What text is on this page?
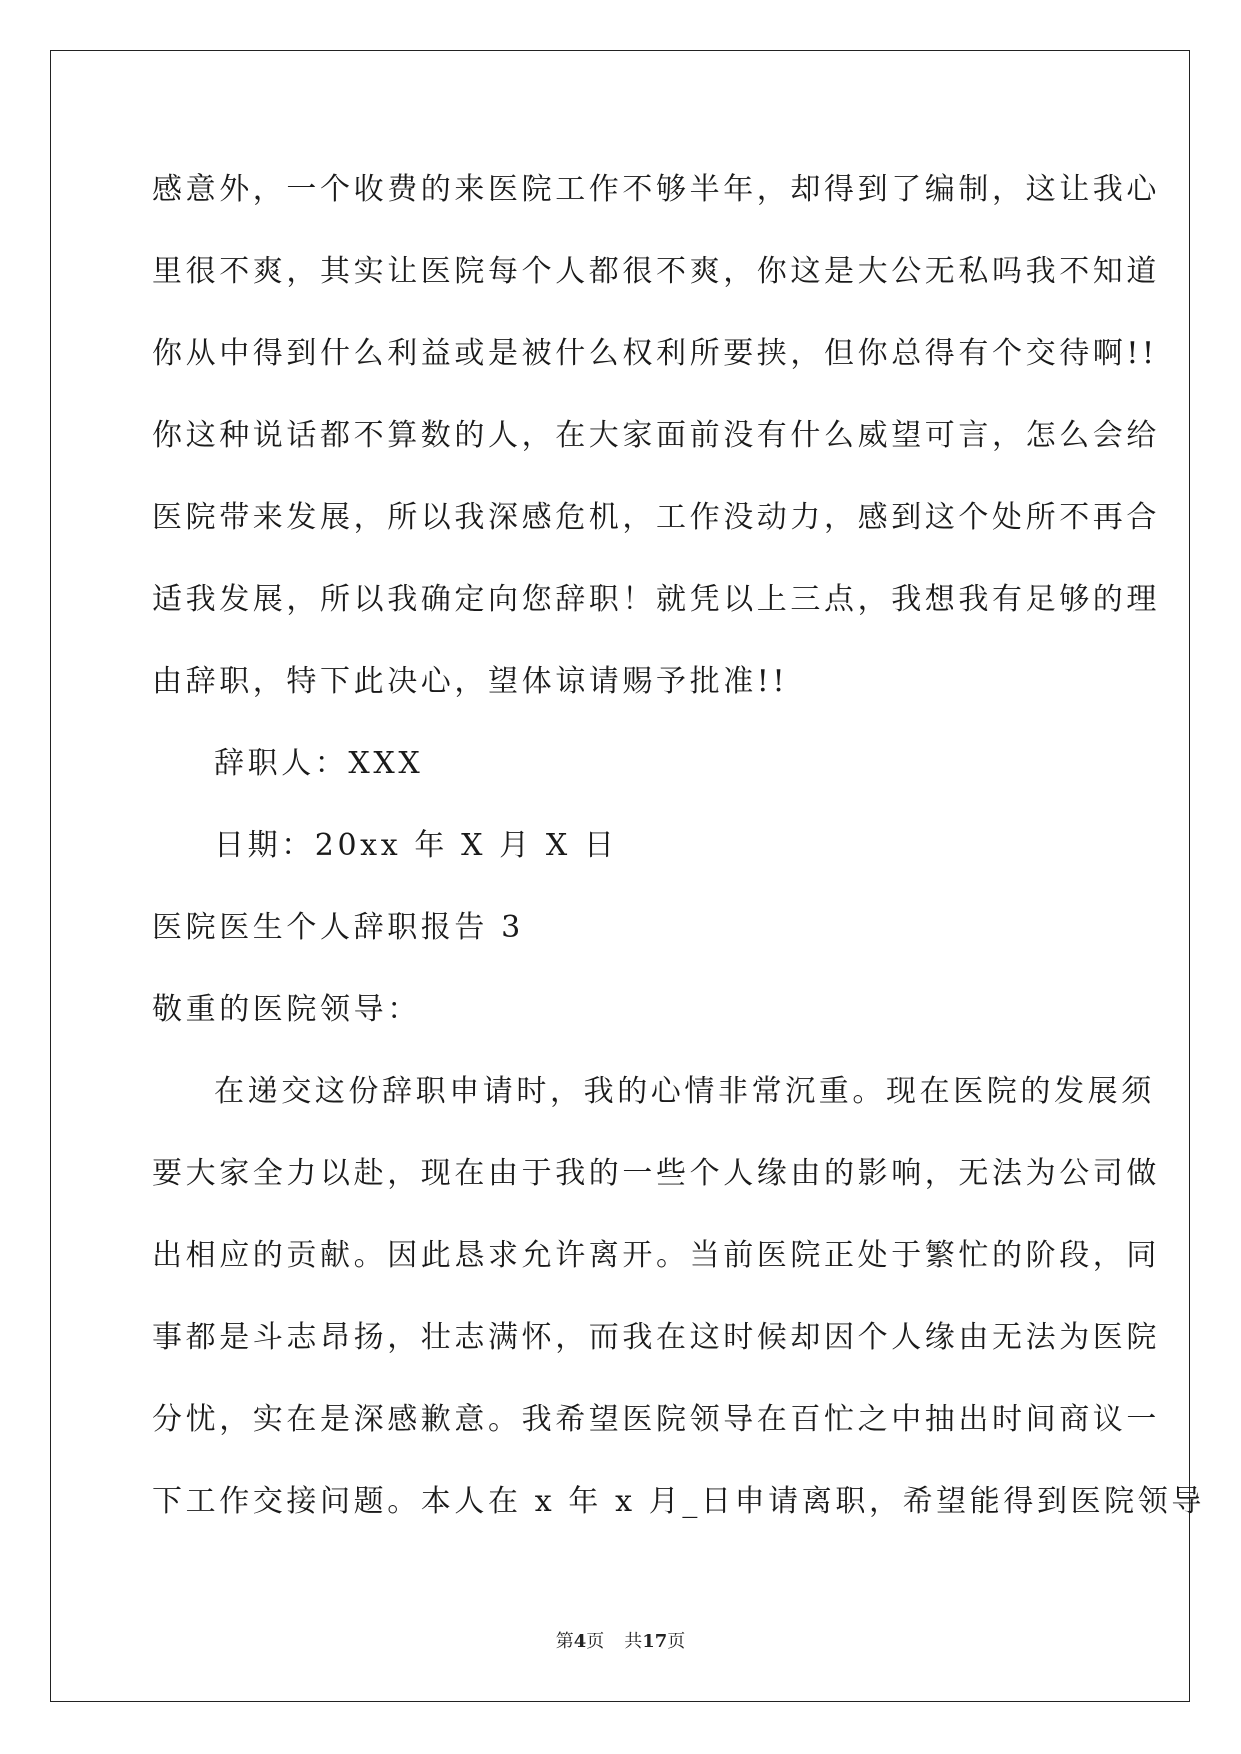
感意外，一个收费的来医院工作不够半年，却得到了编制，这让我心
里很不爽，其实让医院每个人都很不爽，你这是大公无私吗我不知道
你从中得到什么利益或是被什么权利所要挟，但你总得有个交待啊!!
你这种说话都不算数的人，在大家面前没有什么威望可言，怎么会给
医院带来发展，所以我深感危机，工作没动力，感到这个处所不再合
适我发展，所以我确定向您辞职！就凭以上三点，我想我有足够的理
由辞职，特下此决心，望体谅请赐予批准!!
辞职人：XXX
日期：20xx 年 X 月 X 日
医院医生个人辞职报告 3
敬重的医院领导：
在递交这份辞职申请时，我的心情非常沉重。现在医院的发展须
要大家全力以赴，现在由于我的一些个人缘由的影响，无法为公司做
出相应的贡献。因此恳求允许离开。当前医院正处于繁忙的阶段，同
事都是斗志昂扬，壮志满怀，而我在这时候却因个人缘由无法为医院
分忧，实在是深感歉意。我希望医院领导在百忙之中抽出时间商议一
下工作交接问题。本人在 x 年 x 月_日申请离职，希望能得到医院领导
第4页 共17页
